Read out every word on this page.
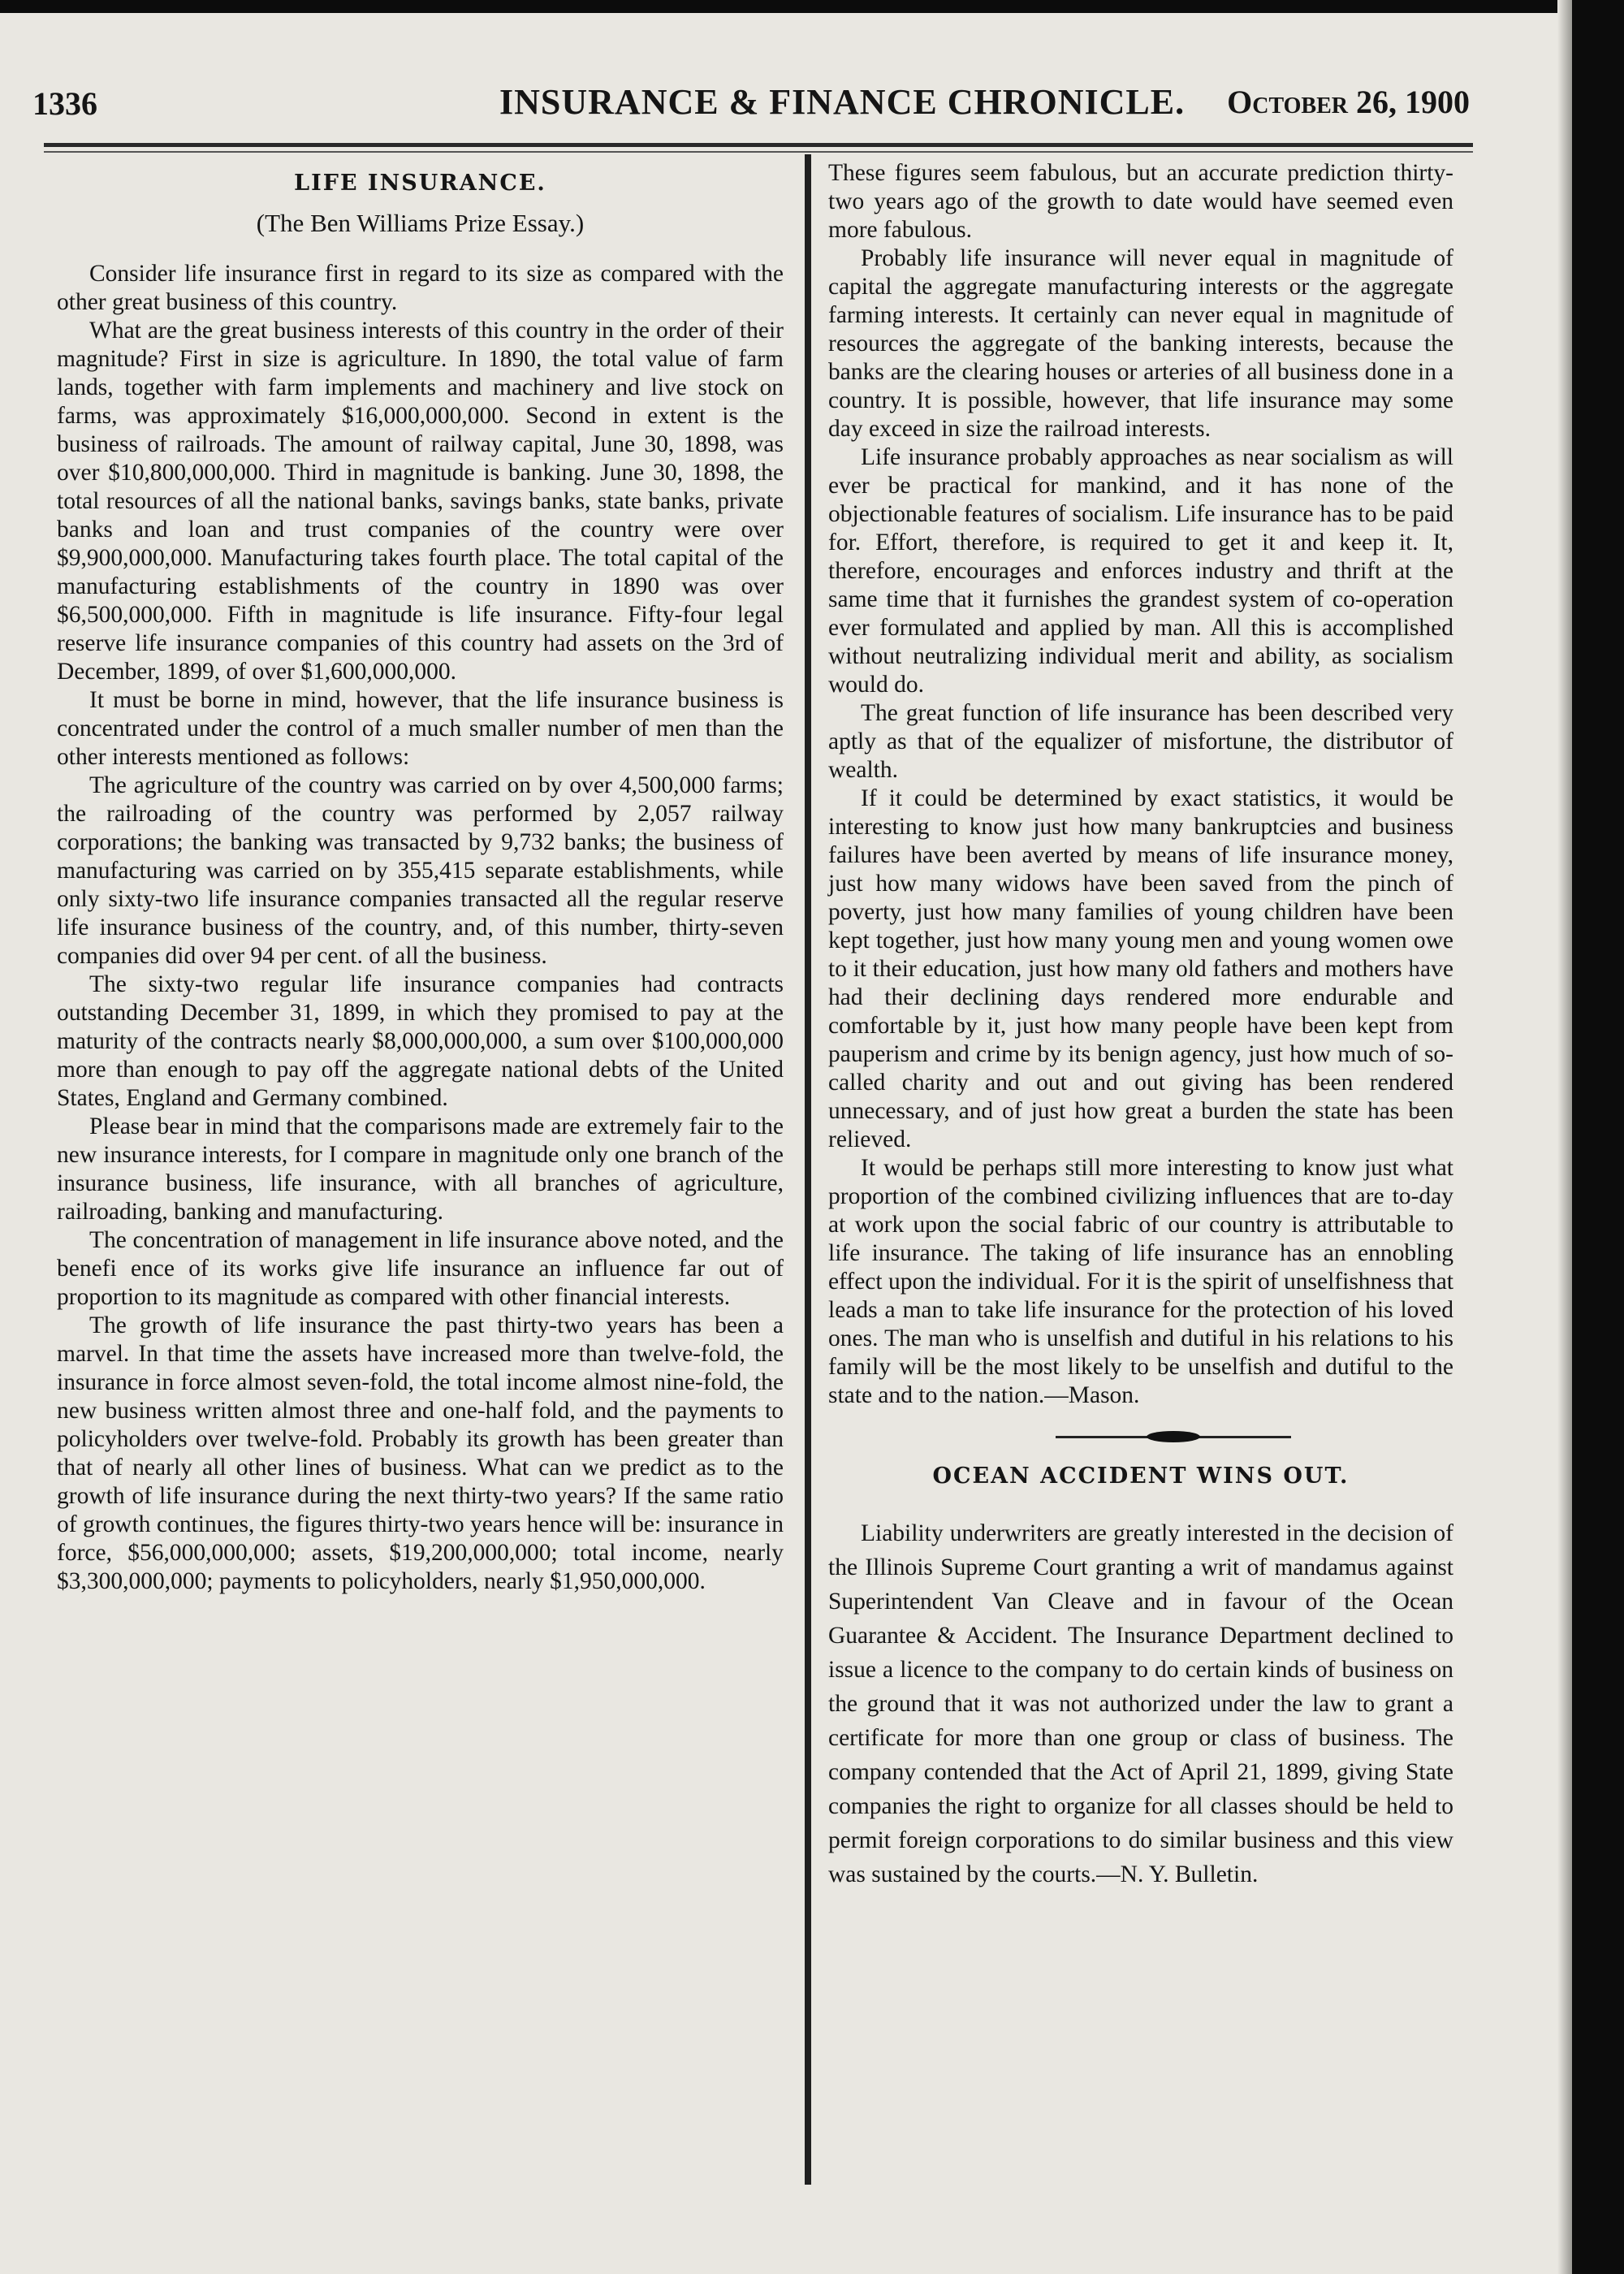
1336	INSURANCE & FINANCE CHRONICLE. October 26, 1900
LIFE INSURANCE.
(The Ben Williams Prize Essay.)

Consider life insurance first in regard to its size as compared with the other great business of this country.

What are the great business interests of this country in the order of their magnitude? First in size is agriculture. In 1890, the total value of farm lands, together with farm implements and machinery and live stock on farms, was approximately $16,000,000,000. Second in extent is the business of railroads. The amount of railway capital, June 30, 1898, was over $10,800,000,000. Third in magnitude is banking. June 30, 1898, the total resources of all the national banks, savings banks, state banks, private banks and loan and trust companies of the country were over $9,900,000,000. Manufacturing takes fourth place. The total capital of the manufacturing establishments of the country in 1890 was over $6,500,000,000. Fifth in magnitude is life insurance. Fifty-four legal reserve life insurance companies of this country had assets on the 3rd of December, 1899, of over $1,600,000,000.

It must be borne in mind, however, that the life insurance business is concentrated under the control of a much smaller number of men than the other interests mentioned as follows:

The agriculture of the country was carried on by over 4,500,000 farms; the railroading of the country was performed by 2,057 railway corporations; the banking was transacted by 9,732 banks; the business of manufacturing was carried on by 355,415 separate establishments, while only sixty-two life insurance companies transacted all the regular reserve life insurance business of the country, and, of this number, thirty-seven companies did over 94 per cent. of all the business.

The sixty-two regular life insurance companies had contracts outstanding December 31, 1899, in which they promised to pay at the maturity of the contracts nearly $8,000,000,000, a sum over $100,000,000 more than enough to pay off the aggregate national debts of the United States, England and Germany combined.

Please bear in mind that the comparisons made are extremely fair to the new insurance interests, for I compare in magnitude only one branch of the insurance business, life insurance, with all branches of agriculture, railroading, banking and manufacturing.

The concentration of management in life insurance above noted, and the benefi ence of its works give life insurance an influence far out of proportion to its magnitude as compared with other financial interests.

The growth of life insurance the past thirty-two years has been a marvel. In that time the assets have increased more than twelve-fold, the insurance in force almost seven-fold, the total income almost nine-fold, the new business written almost three and one-half fold, and the payments to policyholders over twelve-fold. Probably its growth has been greater than that of nearly all other lines of business. What can we predict as to the growth of life insurance during the next thirty-two years? If the same ratio of growth continues, the figures thirty-two years hence will be: insurance in force, $56,000,000,000; assets, $19,200,000,000; total income, nearly $3,300,000,000; payments to policyholders, nearly $1,950,000,000.

These figures seem fabulous, but an accurate prediction thirty-two years ago of the growth to date would have seemed even more fabulous.

Probably life insurance will never equal in magnitude of capital the aggregate manufacturing interests or the aggregate farming interests. It certainly can never equal in magnitude of resources the aggregate of the banking interests, because the banks are the clearing houses or arteries of all business done in a country. It is possible, however, that life insurance may some day exceed in size the railroad interests.

Life insurance probably approaches as near socialism as will ever be practical for mankind, and it has none of the objectionable features of socialism. Life insurance has to be paid for. Effort, therefore, is required to get it and keep it. It, therefore, encourages and enforces industry and thrift at the same time that it furnishes the grandest system of co-operation ever formulated and applied by man. All this is accomplished without neutralizing individual merit and ability, as socialism would do.

The great function of life insurance has been described very aptly as that of the equalizer of misfortune, the distributor of wealth.

If it could be determined by exact statistics, it would be interesting to know just how many bankruptcies and business failures have been averted by means of life insurance money, just how many widows have been saved from the pinch of poverty, just how many families of young children have been kept together, just how many young men and young women owe to it their education, just how many old fathers and mothers have had their declining days rendered more endurable and comfortable by it, just how many people have been kept from pauperism and crime by its benign agency, just how much of so-called charity and out and out giving has been rendered unnecessary, and of just how great a burden the state has been relieved.

It would be perhaps still more interesting to know just what proportion of the combined civilizing influences that are to-day at work upon the social fabric of our country is attributable to life insurance. The taking of life insurance has an ennobling effect upon the individual. For it is the spirit of unselfishness that leads a man to take life insurance for the protection of his loved ones. The man who is unselfish and dutiful in his relations to his family will be the most likely to be unselfish and dutiful to the state and to the nation.—Mason.

OCEAN ACCIDENT WINS OUT.

Liability underwriters are greatly interested in the decision of the Illinois Supreme Court granting a writ of mandamus against Superintendent Van Cleave and in favour of the Ocean Guarantee & Accident. The Insurance Department declined to issue a licence to the company to do certain kinds of business on the ground that it was not authorized under the law to grant a certificate for more than one group or class of business. The company contended that the Act of April 21, 1899, giving State companies the right to organize for all classes should be held to permit foreign corporations to do similar business and this view was sustained by the courts.—N. Y. Bulletin.
